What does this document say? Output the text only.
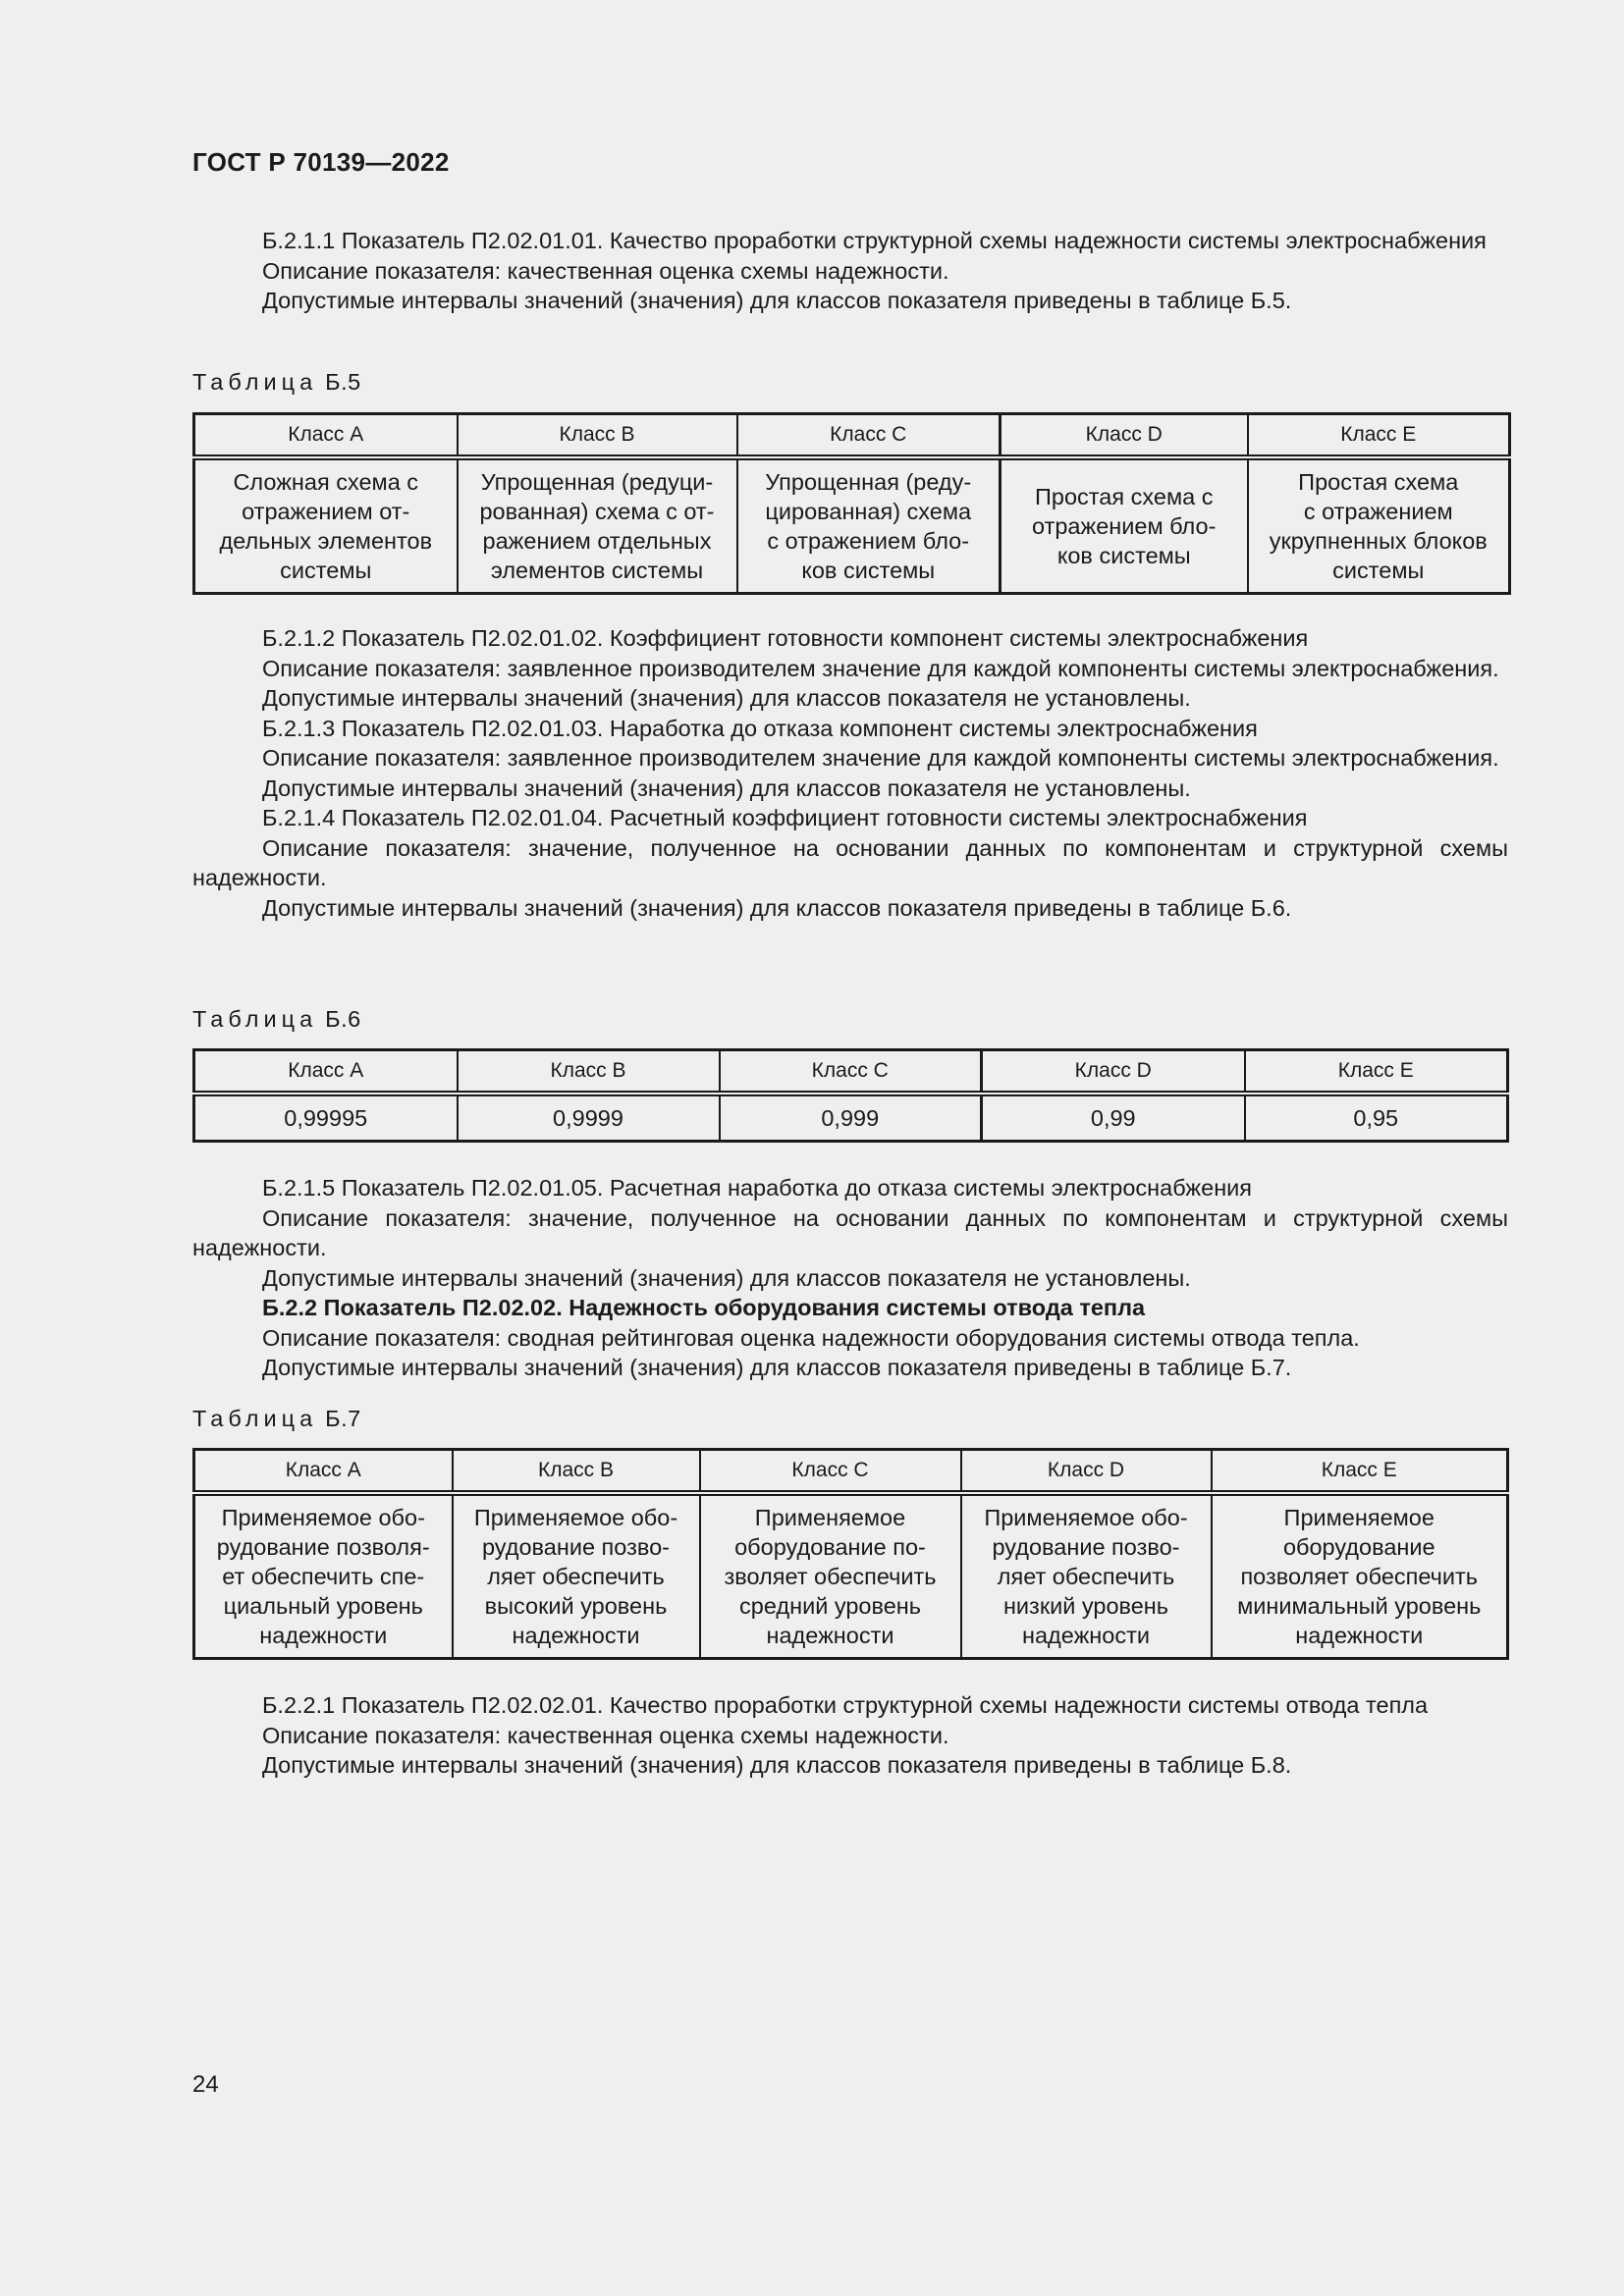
ГОСТ Р 70139—2022

Б.2.1.1 Показатель П2.02.01.01. Качество проработки структурной схемы надежности системы электроснабжения

Описание показателя: качественная оценка схемы надежности.

Допустимые интервалы значений (значения) для классов показателя приведены в таблице Б.5.

Таблица Б.5
Класс A	Класс B	Класс C	Класс D	Класс E
Сложная схема с
отражением от-
дельных элементов
системы	Упрощенная (редуци-
рованная) схема с от-
ражением отдельных
элементов системы	Упрощенная (реду-
цированная) схема
с отражением бло-
ков системы	Простая схема с
отражением бло-
ков системы	Простая схема
с отражением
укрупненных блоков
системы

Б.2.1.2 Показатель П2.02.01.02. Коэффициент готовности компонент системы электроснабжения

Описание показателя: заявленное производителем значение для каждой компоненты системы электроснабжения.

Допустимые интервалы значений (значения) для классов показателя не установлены.

Б.2.1.3 Показатель П2.02.01.03. Наработка до отказа компонент системы электроснабжения

Описание показателя: заявленное производителем значение для каждой компоненты системы электроснабжения.

Допустимые интервалы значений (значения) для классов показателя не установлены.

Б.2.1.4 Показатель П2.02.01.04. Расчетный коэффициент готовности системы электроснабжения

Описание показателя: значение, полученное на основании данных по компонентам и структурной схемы надежности.

Допустимые интервалы значений (значения) для классов показателя приведены в таблице Б.6.

Таблица Б.6
Класс A	Класс B	Класс C	Класс D	Класс E
0,99995	0,9999	0,999	0,99	0,95

Б.2.1.5 Показатель П2.02.01.05. Расчетная наработка до отказа системы электроснабжения

Описание показателя: значение, полученное на основании данных по компонентам и структурной схемы надежности.

Допустимые интервалы значений (значения) для классов показателя не установлены.

Б.2.2 Показатель П2.02.02. Надежность оборудования системы отвода тепла

Описание показателя: сводная рейтинговая оценка надежности оборудования системы отвода тепла.

Допустимые интервалы значений (значения) для классов показателя приведены в таблице Б.7.

Таблица Б.7
Класс A	Класс B	Класс C	Класс D	Класс E
Применяемое обо-
рудование позволя-
ет обеспечить спе-
циальный уровень
надежности	Применяемое обо-
рудование позво-
ляет обеспечить
высокий уровень
надежности	Применяемое
оборудование по-
зволяет обеспечить
средний уровень
надежности	Применяемое обо-
рудование позво-
ляет обеспечить
низкий уровень
надежности	Применяемое
оборудование
позволяет обеспечить
минимальный уровень
надежности

Б.2.2.1 Показатель П2.02.02.01. Качество проработки структурной схемы надежности системы отвода тепла

Описание показателя: качественная оценка схемы надежности.

Допустимые интервалы значений (значения) для классов показателя приведены в таблице Б.8.

24
